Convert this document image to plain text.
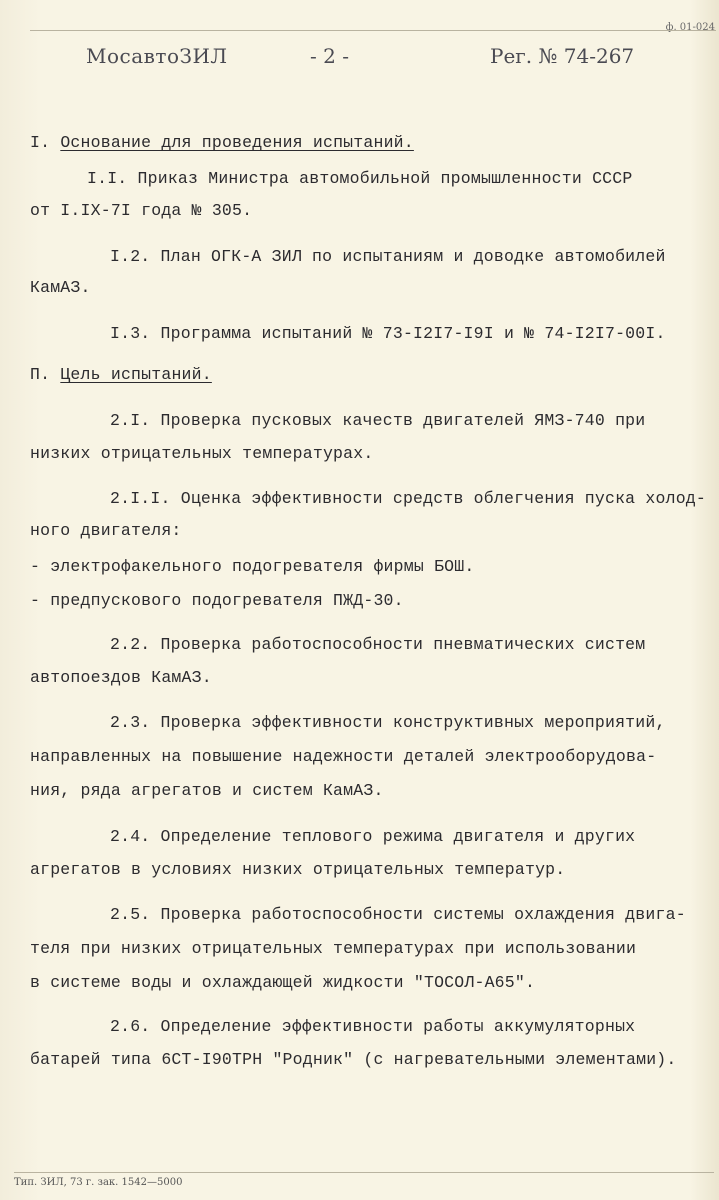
ф. 01-024
МосавтоЗИЛ	- 2 -	Рег. № 74-267
I. Основание для проведения испытаний.
I.I. Приказ Министра автомобильной промышленности СССР
от I.IX-7I года № 305.
I.2. План ОГК-А ЗИЛ по испытаниям и доводке автомобилей
КамАЗ.
I.3. Программа испытаний № 73-I2I7-I9I и № 74-I2I7-00I.
П. Цель испытаний.
2.I. Проверка пусковых качеств двигателей ЯМЗ-740 при
низких отрицательных температурах.
2.I.I. Оценка эффективности средств облегчения пуска холод-
ного двигателя:
- электрофакельного подогревателя фирмы БОШ.
- предпускового подогревателя ПЖД-30.
2.2. Проверка работоспособности пневматических систем
автопоездов КамАЗ.
2.3. Проверка эффективности конструктивных мероприятий,
направленных на повышение надежности деталей электрооборудова-
ния, ряда агрегатов и систем КамАЗ.
2.4. Определение теплового режима двигателя и других
агрегатов в условиях низких отрицательных температур.
2.5. Проверка работоспособности системы охлаждения двига-
теля при низких отрицательных температурах при использовании
в системе воды и охлаждающей жидкости "ТОСОЛ-А65".
2.6. Определение эффективности работы аккумуляторных
батарей типа 6СТ-I90ТРН "Родник" (с нагревательными элементами).
Тип. ЗИЛ, 73 г. зак. 1542—5000
